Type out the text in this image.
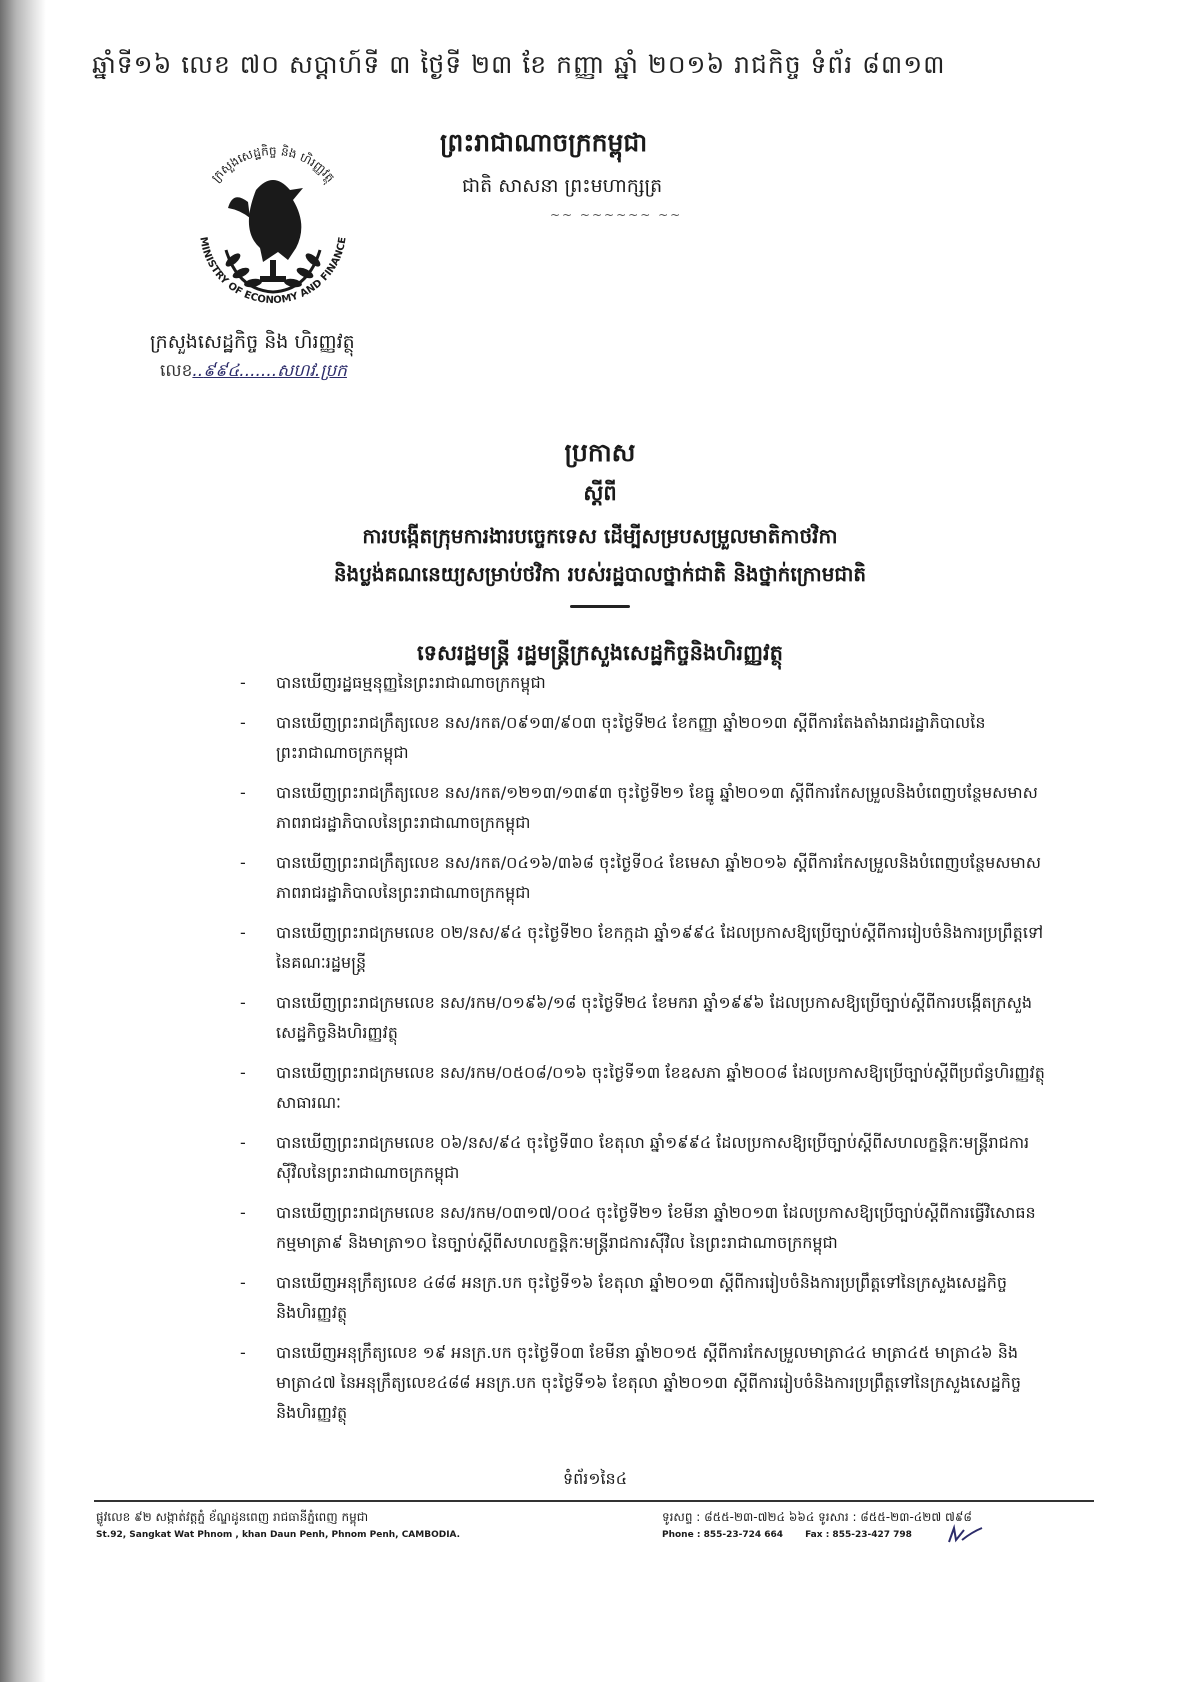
ឆ្នាំទី១៦ លេខ ៧០ សប្ដាហ៍ទី ៣ ថ្ងៃទី ២៣ ខែ កញ្ញា ឆ្នាំ ២០១៦ រាជកិច្ច ទំព័រ ៨៣១៣
ក្រសួងសេដ្ឋកិច្ច និង ហិរញ្ញវត្ថុ
MINISTRY OF ECONOMY AND FINANCE
ព្រះរាជាណាចក្រកម្ពុជា
ជាតិ សាសនា ព្រះមហាក្សត្រ
~~ ~~~~~~ ~~
ក្រសួងសេដ្ឋកិច្ច និង ហិរញ្ញវត្ថុ
លេខ..៩៩៤.......សហវ.ប្រក
ប្រកាស
ស្ដីពី
ការបង្កើតក្រុមការងារបច្ចេកទេស ដើម្បីសម្របសម្រួលមាតិកាថវិកា
និងប្លង់គណនេយ្យសម្រាប់ថវិកា របស់រដ្ឋបាលថ្នាក់ជាតិ និងថ្នាក់ក្រោមជាតិ
ទេសរដ្ឋមន្ត្រី រដ្ឋមន្ត្រីក្រសួងសេដ្ឋកិច្ចនិងហិរញ្ញវត្ថុ
- បានឃើញរដ្ឋធម្មនុញ្ញនៃព្រះរាជាណាចក្រកម្ពុជា
- បានឃើញព្រះរាជក្រឹត្យលេខ នស/រកត/០៩១៣/៩០៣ ចុះថ្ងៃទី២៤ ខែកញ្ញា ឆ្នាំ២០១៣ ស្ដីពីការតែងតាំងរាជរដ្ឋាភិបាលនៃព្រះរាជាណាចក្រកម្ពុជា
- បានឃើញព្រះរាជក្រឹត្យលេខ នស/រកត/១២១៣/១៣៩៣ ចុះថ្ងៃទី២១ ខែធ្នូ ឆ្នាំ២០១៣ ស្ដីពីការកែសម្រួលនិងបំពេញបន្ថែមសមាសភាពរាជរដ្ឋាភិបាលនៃព្រះរាជាណាចក្រកម្ពុជា
- បានឃើញព្រះរាជក្រឹត្យលេខ នស/រកត/០៤១៦/៣៦៨ ចុះថ្ងៃទី០៤ ខែមេសា ឆ្នាំ២០១៦ ស្ដីពីការកែសម្រួលនិងបំពេញបន្ថែមសមាសភាពរាជរដ្ឋាភិបាលនៃព្រះរាជាណាចក្រកម្ពុជា
- បានឃើញព្រះរាជក្រមលេខ ០២/នស/៩៤ ចុះថ្ងៃទី២០ ខែកក្កដា ឆ្នាំ១៩៩៤ ដែលប្រកាសឱ្យប្រើច្បាប់ស្ដីពីការរៀបចំនិងការប្រព្រឹត្តទៅនៃគណៈរដ្ឋមន្ត្រី
- បានឃើញព្រះរាជក្រមលេខ នស/រកម/០១៩៦/១៨ ចុះថ្ងៃទី២៤ ខែមករា ឆ្នាំ១៩៩៦ ដែលប្រកាសឱ្យប្រើច្បាប់ស្ដីពីការបង្កើតក្រសួងសេដ្ឋកិច្ចនិងហិរញ្ញវត្ថុ
- បានឃើញព្រះរាជក្រមលេខ នស/រកម/០៥០៨/០១៦ ចុះថ្ងៃទី១៣ ខែឧសភា ឆ្នាំ២០០៨ ដែលប្រកាសឱ្យប្រើច្បាប់ស្ដីពីប្រព័ន្ធហិរញ្ញវត្ថុសាធារណៈ
- បានឃើញព្រះរាជក្រមលេខ ០៦/នស/៩៤ ចុះថ្ងៃទី៣០ ខែតុលា ឆ្នាំ១៩៩៤ ដែលប្រកាសឱ្យប្រើច្បាប់ស្ដីពីសហលក្ខន្តិកៈមន្ត្រីរាជការស៊ីវិលនៃព្រះរាជាណាចក្រកម្ពុជា
- បានឃើញព្រះរាជក្រមលេខ នស/រកម/០៣១៧/០០៤ ចុះថ្ងៃទី២១ ខែមីនា ឆ្នាំ២០១៣ ដែលប្រកាសឱ្យប្រើច្បាប់ស្ដីពីការធ្វើវិសោធនកម្មមាត្រា៩ និងមាត្រា១០ នៃច្បាប់ស្ដីពីសហលក្ខន្តិកៈមន្ត្រីរាជការស៊ីវិល នៃព្រះរាជាណាចក្រកម្ពុជា
- បានឃើញអនុក្រឹត្យលេខ ៤៨៨ អនក្រ.បក ចុះថ្ងៃទី១៦ ខែតុលា ឆ្នាំ២០១៣ ស្ដីពីការរៀបចំនិងការប្រព្រឹត្តទៅនៃក្រសួងសេដ្ឋកិច្ចនិងហិរញ្ញវត្ថុ
- បានឃើញអនុក្រឹត្យលេខ ១៩ អនក្រ.បក ចុះថ្ងៃទី០៣ ខែមីនា ឆ្នាំ២០១៥ ស្ដីពីការកែសម្រួលមាត្រា៤៤ មាត្រា៤៥ មាត្រា៤៦ និងមាត្រា៤៧ នៃអនុក្រឹត្យលេខ៤៨៨ អនក្រ.បក ចុះថ្ងៃទី១៦ ខែតុលា ឆ្នាំ២០១៣ ស្ដីពីការរៀបចំនិងការប្រព្រឹត្តទៅនៃក្រសួងសេដ្ឋកិច្ចនិងហិរញ្ញវត្ថុ
ទំព័រ១នៃ៤
ផ្លូវលេខ ៩២ សង្កាត់វត្តភ្នំ ខ័ណ្ឌដូនពេញ រាជធានីភ្នំពេញ កម្ពុជា
St.92, Sangkat Wat Phnom , khan Daun Penh, Phnom Penh, CAMBODIA.
ទូរសព្ទ : ៨៥៥-២៣-៧២៤ ៦៦៤ ទូរសារ : ៨៥៥-២៣-៤២៧ ៧៩៨
Phone : 855-23-724 664 Fax : 855-23-427 798
